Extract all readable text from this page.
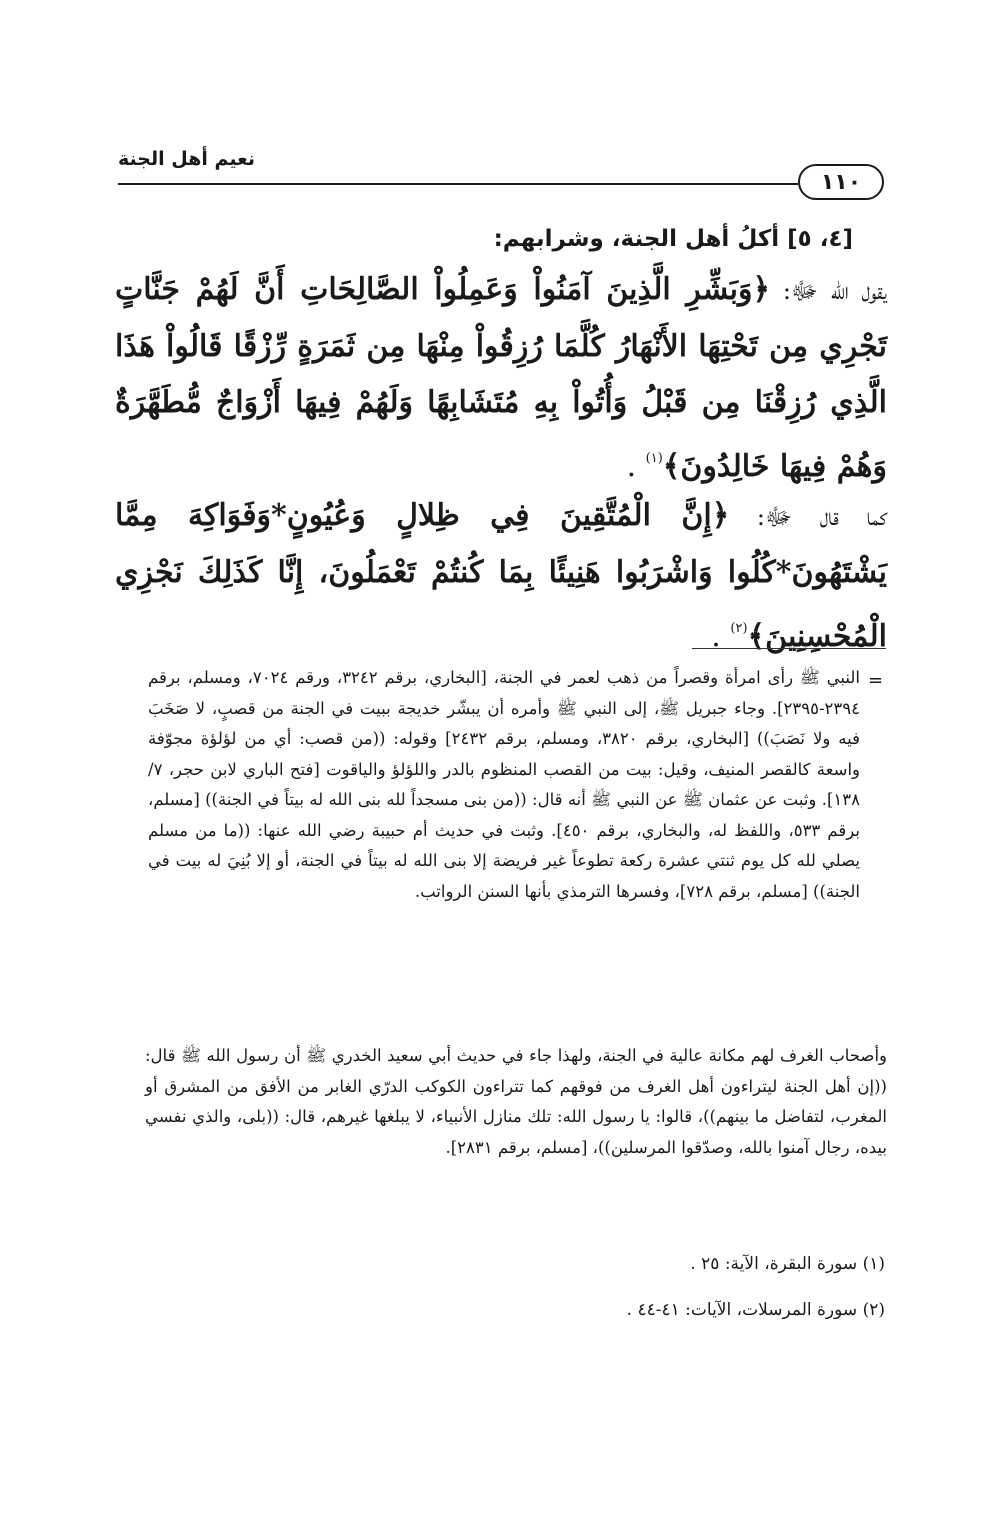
نعيم أهل الجنة
١١٠
[٤، ٥] أكلُ أهل الجنة، وشرابهم:
يقول الله ﷻ: ﴿وَبَشِّرِ الَّذِينَ آمَنُواْ وَعَمِلُواْ الصَّالِحَاتِ أَنَّ لَهُمْ جَنَّاتٍ تَجْرِي مِن تَحْتِهَا الأَنْهَارُ كُلَّمَا رُزِقُواْ مِنْهَا مِن ثَمَرَةٍ رِّزْقًا قَالُواْ هَذَا الَّذِي رُزِقْنَا مِن قَبْلُ وَأُتُواْ بِهِ مُتَشَابِهًا وَلَهُمْ فِيهَا أَزْوَاجٌ مُّطَهَّرَةٌ وَهُمْ فِيهَا خَالِدُونَ﴾$^{(١)}$ .
كما قال ﷻ: ﴿إِنَّ الْمُتَّقِينَ فِي ظِلالٍ وَعُيُونٍ*وَفَوَاكِهَ مِمَّا يَشْتَهُونَ*كُلُوا وَاشْرَبُوا هَنِيئًا بِمَا كُنتُمْ تَعْمَلُونَ، إِنَّا كَذَلِكَ نَجْزِي الْمُحْسِنِينَ﴾$^{(٢)}$ .
=
النبي ﷺ رأى امرأة وقصراً من ذهب لعمر في الجنة، [البخاري، برقم ٣٢٤٢، ورقم ٧٠٢٤، ومسلم، برقم ٢٣٩٤-٢٣٩٥]. وجاء جبريل ﷺ، إلى النبي ﷺ وأمره أن يبشّر خديجة ببيت في الجنة من قصبٍ، لا صَخَبَ فيه ولا نَصَبَ)) [البخاري، برقم ٣٨٢٠، ومسلم، برقم ٢٤٣٢] وقوله: ((من قصب: أي من لؤلؤة مجوّفة واسعة كالقصر المنيف، وقيل: بيت من القصب المنظوم بالدر واللؤلؤ والياقوت [فتح الباري لابن حجر، ٧/ ١٣٨]. وثبت عن عثمان ﷺ عن النبي ﷺ أنه قال: ((من بنى مسجداً لله بنى الله له بيتاً في الجنة)) [مسلم، برقم ٥٣٣، واللفظ له، والبخاري، برقم ٤٥٠]. وثبت في حديث أم حبيبة رضي الله عنها: ((ما من مسلم يصلي لله كل يوم ثنتي عشرة ركعة تطوعاً غير فريضة إلا بنى الله له بيتاً في الجنة، أو إلا بُنِيَ له بيت في الجنة)) [مسلم، برقم ٧٢٨]، وفسرها الترمذي بأنها السنن الرواتب.
وأصحاب الغرف لهم مكانة عالية في الجنة، ولهذا جاء في حديث أبي سعيد الخدري ﷺ أن رسول الله ﷺ قال: ((إن أهل الجنة ليتراءون أهل الغرف من فوقهم كما تتراءون الكوكب الدرّي الغابر من الأفق من المشرق أو المغرب، لتفاضل ما بينهم))، قالوا: يا رسول الله: تلك منازل الأنبياء، لا يبلغها غيرهم، قال: ((بلى، والذي نفسي بيده، رجال آمنوا بالله، وصدّقوا المرسلين))، [مسلم، برقم ٢٨٣١].
(١) سورة البقرة، الآية: ٢٥ .
(٢) سورة المرسلات، الآيات: ٤١-٤٤ .
